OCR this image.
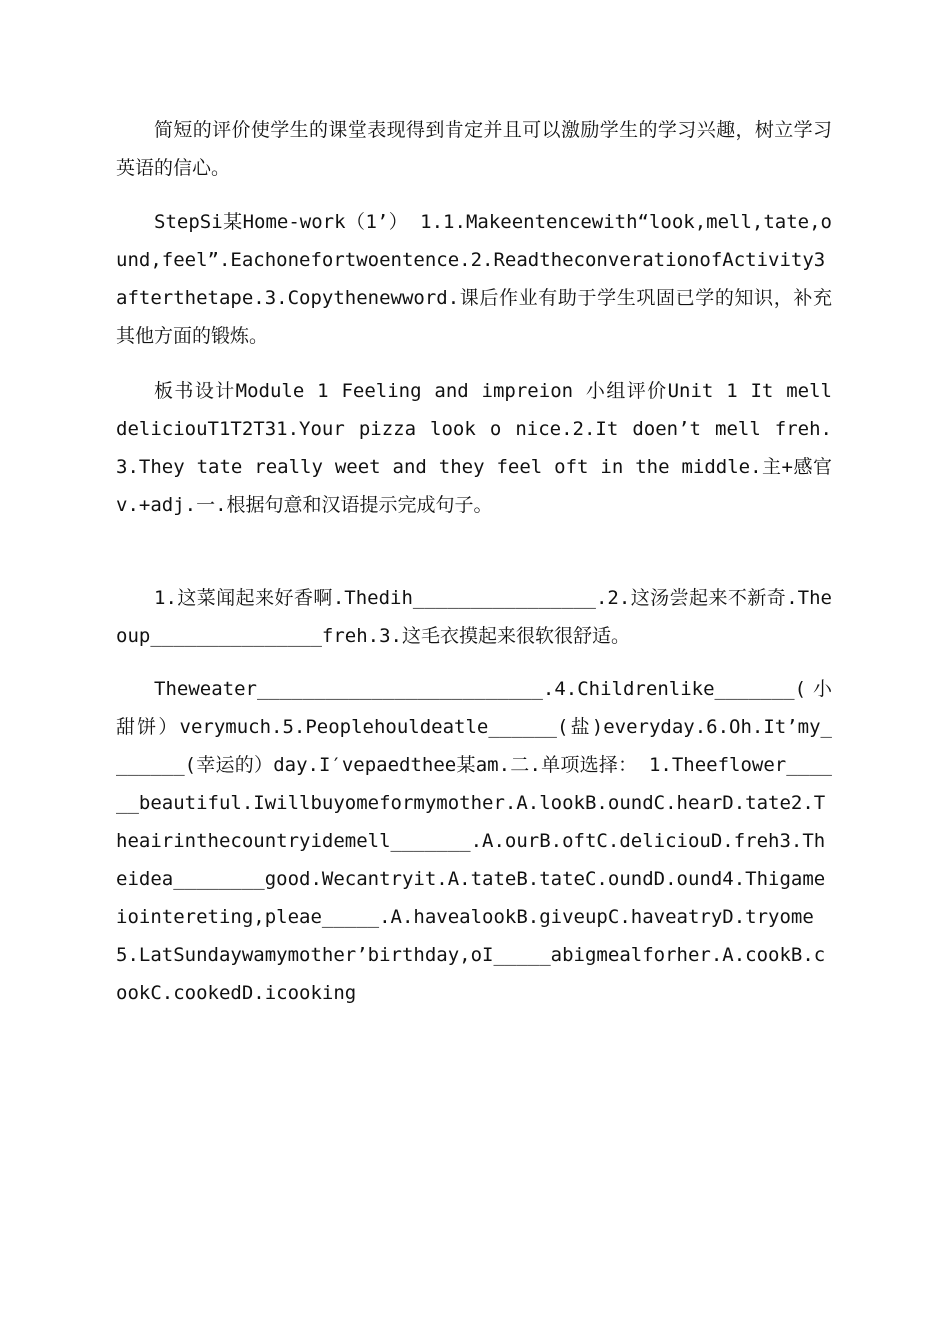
简短的评价使学生的课堂表现得到肯定并且可以激励学生的学习兴趣，树立学习英语的信心。

StepSi某Home-work（1’） 1.1.Makeentencewith“look,mell,tate,ound,feel”.Eachonefortwoentence.2.ReadtheconverationofActivity3afterthetape.3.Copythenewword.课后作业有助于学生巩固已学的知识，补充其他方面的锻炼。

板书设计Module 1 Feeling and impreion 小组评价Unit 1 It mell deliciouT1T2T31.Your pizza look o nice.2.It doen’t mell freh. 3.They tate really weet and they feel oft in the middle.主+感官v.+adj.一.根据句意和汉语提示完成句子。

1.这菜闻起来好香啊.Thedih________________.2.这汤尝起来不新奇.Theoup_______________freh.3.这毛衣摸起来很软很舒适。

Theweater_________________________.4.Childrenlike_______(小甜饼）verymuch.5.Peoplehouldeatle______(盐)everyday.6.Oh.It’my_______(幸运的）day.I′vepaedthee某am.二.单项选择： 1.Theeflower______beautiful.Iwillbuyomeformymother.A.lookB.oundC.hearD.tate2.Theairinthecountryidemell_______.A.ourB.oftC.deliciouD.freh3.Theidea________good.Wecantryit.A.tateB.tateC.oundD.ound4.Thigameiointereting,pleae_____.A.havealookB.giveupC.haveatryD.tryome5.LatSundaywamymother’birthday,oI_____abigmealforher.A.cookB.cookC.cookedD.icooking
